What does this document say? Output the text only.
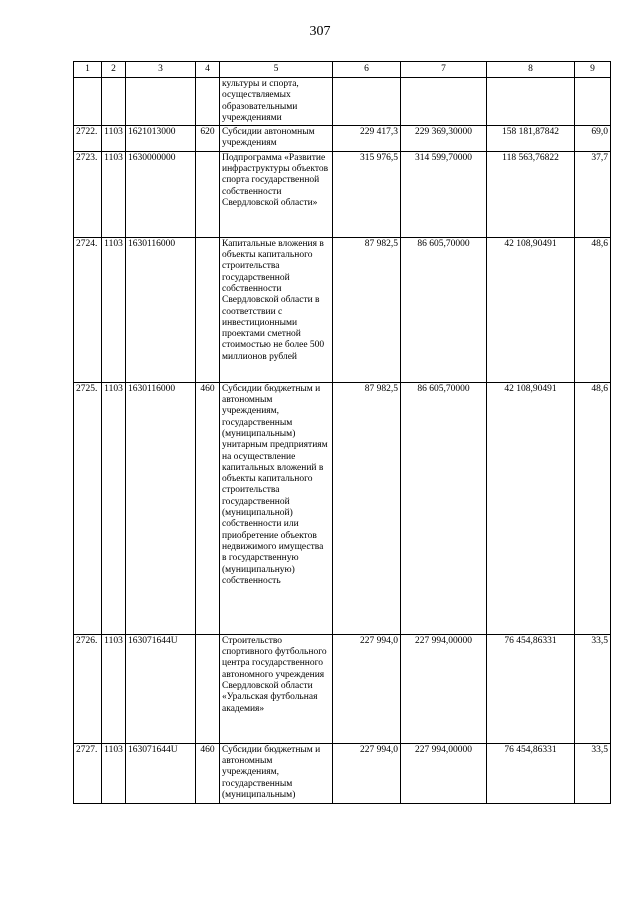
307
1	2	3	4	5	6	7	8	9
				культуры и спорта, осуществляемых образовательными учреждениями				
2722.	1103	1621013000	620	Субсидии автономным учреждениям	229 417,3	229 369,30000	158 181,87842	69,0
2723.	1103	1630000000		Подпрограмма «Развитие инфраструктуры объектов спорта государственной собственности Свердловской области»	315 976,5	314 599,70000	118 563,76822	37,7
2724.	1103	1630116000		Капитальные вложения в объекты капитального строительства государственной собственности Свердловской области в соответствии с инвестиционными проектами сметной стоимостью не более 500 миллионов рублей	87 982,5	86 605,70000	42 108,90491	48,6
2725.	1103	1630116000	460	Субсидии бюджетным и автономным учреждениям, государственным (муниципальным) унитарным предприятиям на осуществление капитальных вложений в объекты капитального строительства государственной (муниципальной) собственности или приобретение объектов недвижимого имущества в государственную (муниципальную) собственность	87 982,5	86 605,70000	42 108,90491	48,6
2726.	1103	163071644U		Строительство спортивного футбольного центра государственного автономного учреждения Свердловской области «Уральская футбольная академия»	227 994,0	227 994,00000	76 454,86331	33,5
2727.	1103	163071644U	460	Субсидии бюджетным и автономным учреждениям, государственным (муниципальным)	227 994,0	227 994,00000	76 454,86331	33,5
